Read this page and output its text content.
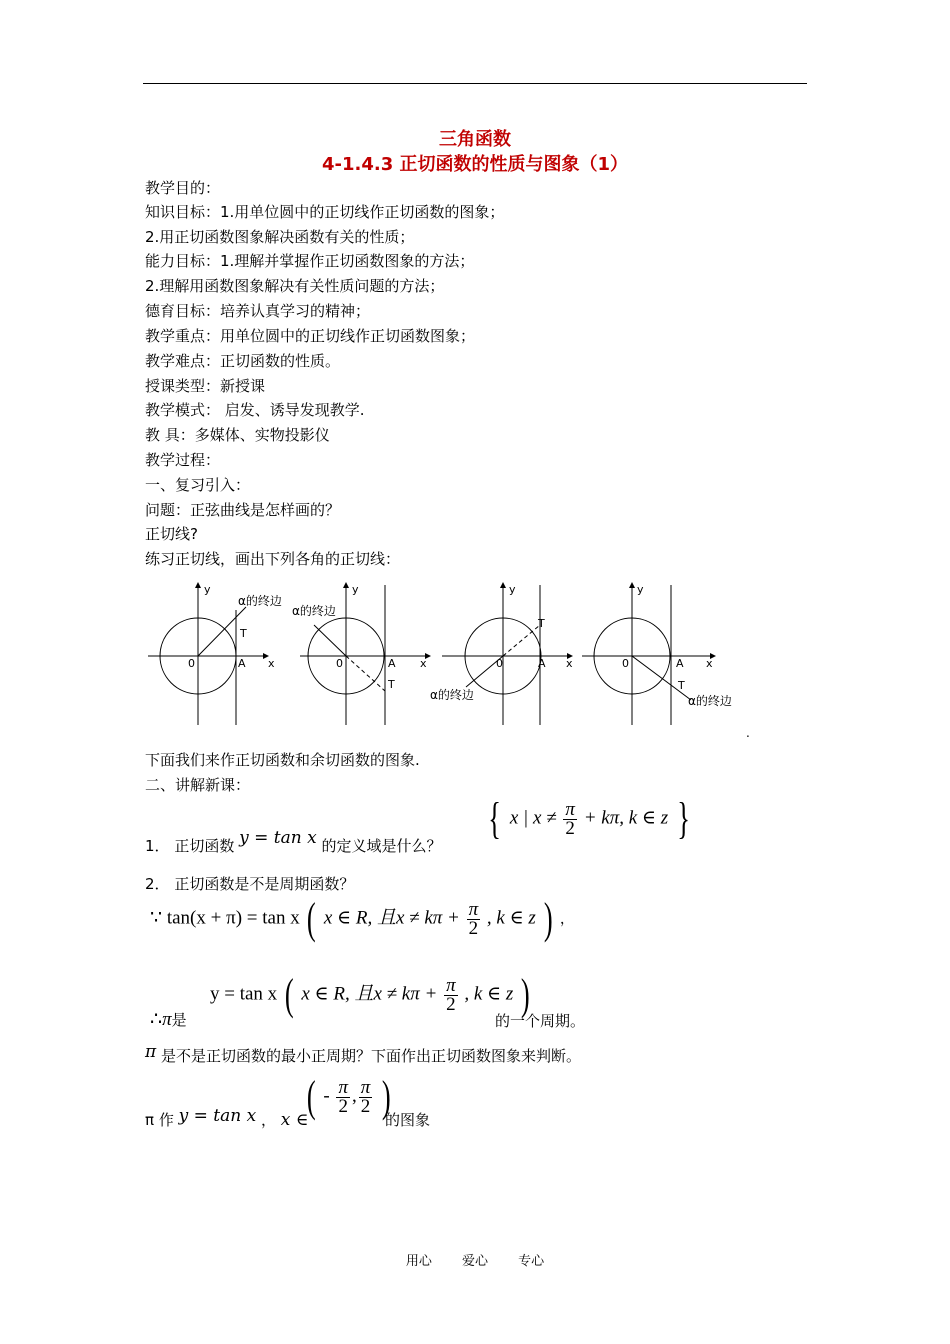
三角函数
4-1.4.3 正切函数的性质与图象（1）
教学目的：
知识目标：1.用单位圆中的正切线作正切函数的图象；
2.用正切函数图象解决函数有关的性质；
能力目标：1.理解并掌握作正切函数图象的方法；
2.理解用函数图象解决有关性质问题的方法；
德育目标：培养认真学习的精神；
教学重点：用单位圆中的正切线作正切函数图象；
教学难点：正切函数的性质。
授课类型：新授课
教学模式： 启发、诱导发现教学.
教 具：多媒体、实物投影仪
教学过程：
一、复习引入：
问题：正弦曲线是怎样画的？
正切线?
练习正切线，画出下列各角的正切线：
y
x
0	A
T
α的终边
y
x
0	A
T
α的终边
y
x
0	A
T
α的终边
y
x
0	A
T
α的终边
.
下面我们来作正切函数和余切函数的图象.
二、讲解新课：
1． 正切函数 y = tan x 的定义域是什么？
{ x | $x \ne \frac{\pi}{2} + k\pi$, k ∈ z }
2． 正切函数是不是周期函数？
∵ tan(x + π) = tan x ( x ∈ R, 且$x \ne k\pi + \frac{\pi}{2}$ , k ∈ z ) ，
∴π是
y = tan x ( x ∈ R, 且$x \ne k\pi + \frac{\pi}{2}$ , k ∈ z )
的一个周期。
π 是不是正切函数的最小正周期？下面作出正切函数图象来判断。
π 作 y = tan x ， x ∈
( - $\frac{\pi}{2}$ , $\frac{\pi}{2}$ )
的图象
用心 爱心 专心
